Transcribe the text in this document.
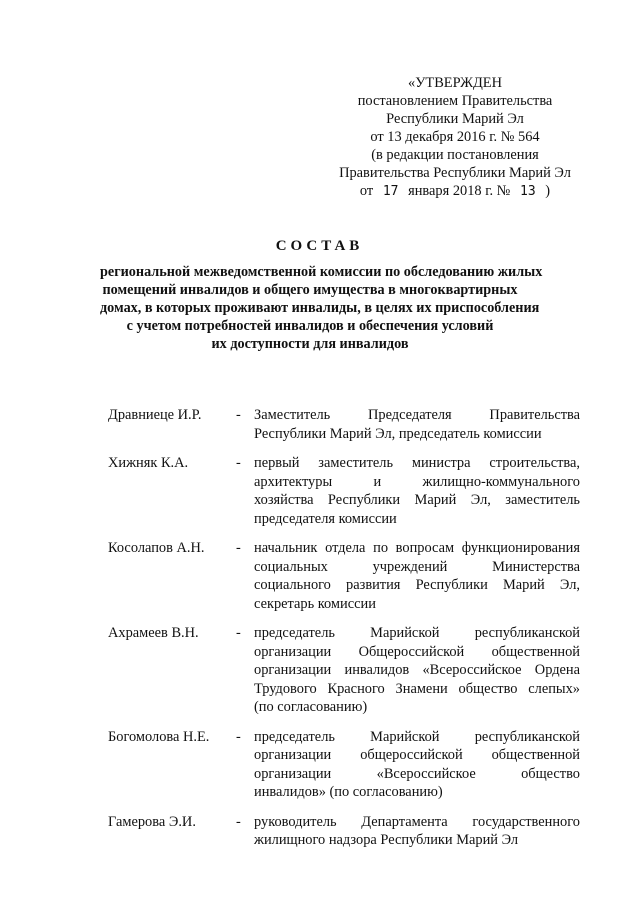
«УТВЕРЖДЕН
постановлением Правительства
Республики Марий Эл
от 13 декабря 2016 г. № 564
(в редакции постановления
Правительства Республики Марий Эл
от 17 января 2018 г. № 13 )
СОСТАВ
региональной межведомственной комиссии по обследованию жилых
помещений инвалидов и общего имущества в многоквартирных
домах, в которых проживают инвалиды, в целях их приспособления
с учетом потребностей инвалидов и обеспечения условий
их доступности для инвалидов
Дравниеце И.Р.	- Заместитель Председателя Правительства
Республики Марий Эл, председатель комиссии
Хижняк К.А.	- первый заместитель министра строительства,
архитектуры и жилищно-коммунального
хозяйства Республики Марий Эл, заместитель
председателя комиссии
Косолапов А.Н.	- начальник отдела по вопросам функционирования
социальных учреждений Министерства
социального развития Республики Марий Эл,
секретарь комиссии
Ахрамеев В.Н.	- председатель Марийской республиканской
организации Общероссийской общественной
организации инвалидов «Всероссийское Ордена
Трудового Красного Знамени общество слепых»
(по согласованию)
Богомолова Н.Е.	- председатель Марийской республиканской
организации общероссийской общественной
организации «Всероссийское общество
инвалидов» (по согласованию)
Гамерова Э.И.	- руководитель Департамента государственного
жилищного надзора Республики Марий Эл
